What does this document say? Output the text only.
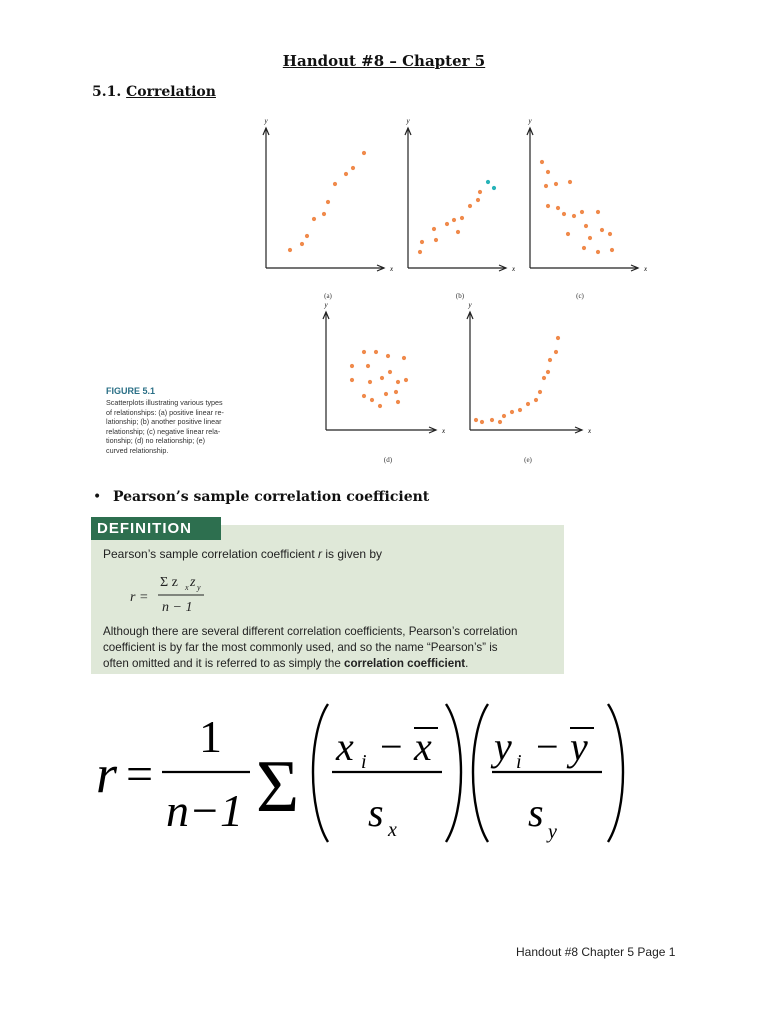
Handout #8 – Chapter 5
5.1. Correlation
y
x
(a)
y
x
(b)
y
x
(c)
y
x
(d)
y
x
(e)
FIGURE 5.1
Scatterplots illustrating various types
of relationships: (a) positive linear re-
lationship; (b) another positive linear
relationship; (c) negative linear rela-
tionship; (d) no relationship; (e)
curved relationship.
• Pearson’s sample correlation coefficient
DEFINITION
Pearson’s sample correlation coefficient r is given by
r =
Σ z x z y
n − 1
Although there are several different correlation coefficients, Pearson’s correlation
coefficient is by far the most commonly used, and so the name “Pearson’s” is
often omitted and it is referred to as simply the correlation coefficient.
r =
1
n−1 Σ x i − x
s x
y i − y
s y
Handout #8 Chapter 5 Page 1
